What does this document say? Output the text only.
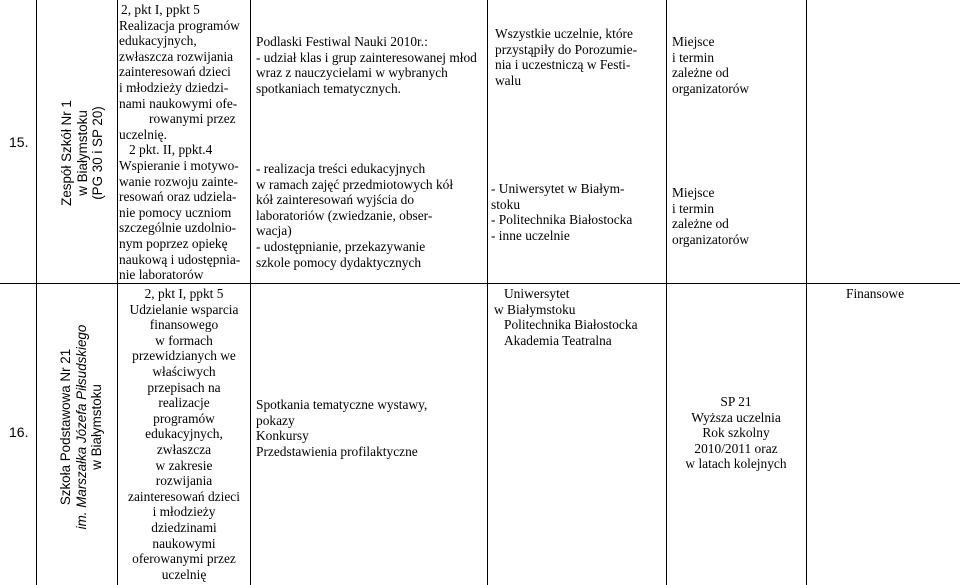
15. Zespół Szkół Nr 1 w Białymstoku (PG 30 i SP 20)
2, pkt I, ppkt 5
Realizacja programów
edukacyjnych,
zwłaszcza rozwijania
zainteresowań dzieci
i młodzieży dziedzi-
nami naukowymi ofe-
rowanymi przez
uczelnię.
2 pkt. II, ppkt.4
Wspieranie i motywo-
wanie rozwoju zainte-
resowań oraz udziela-
nie pomocy uczniom
szczególnie uzdolnio-
nym poprzez opiekę
naukową i udostępnia-
nie laboratorów
Podlaski Festiwal Nauki 2010r.:
- udział klas i grup zainteresowanej młod
wraz z nauczycielami w wybranych
spotkaniach tematycznych.
- realizacja treści edukacyjnych
w ramach zajęć przedmiotowych kół
kół zainteresowań wyjścia do
laboratoriów (zwiedzanie, obser-
wacja)
- udostępnianie, przekazywanie
szkole pomocy dydaktycznych
Wszystkie uczelnie, które
przystąpiły do Porozumie-
nia i uczestniczą w Festi-
walu
- Uniwersytet w Białym-
stoku
- Politechnika Białostocka
- inne uczelnie
Miejsce
i termin
zależne od
organizatorów
Miejsce
i termin
zależne od
organizatorów
16. Szkoła Podstawowa Nr 21 im. Marszałka Józefa Piłsudskiego w Białymstoku
2, pkt I, ppkt 5
Udzielanie wsparcia
finansowego
w formach
przewidzianych we
właściwych
przepisach na
realizacje
programów
edukacyjnych,
zwłaszcza
w zakresie
rozwijania
zainteresowań dzieci
i młodzieży
dziedzinami
naukowymi
oferowanymi przez
uczelnię
Spotkania tematyczne wystawy,
pokazy
Konkursy
Przedstawienia profilaktyczne
Uniwersytet
w Białymstoku
Politechnika Białostocka
Akademia Teatralna
SP 21
Wyższa uczelnia
Rok szkolny
2010/2011 oraz
w latach kolejnych
Finansowe
